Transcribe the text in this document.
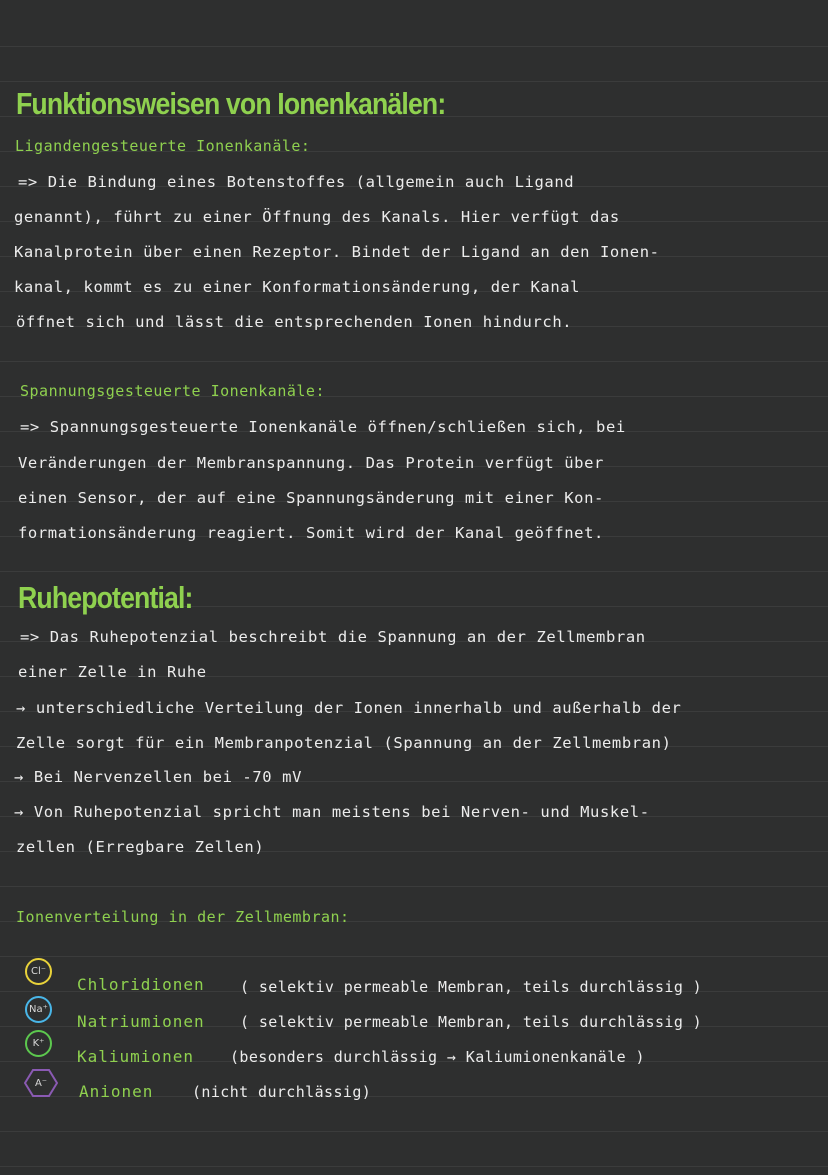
Funktionsweisen von Ionenkanälen:
Ligandengesteuerte Ionenkanäle:
=> Die Bindung eines Botenstoffes (allgemein auch Ligand
genannt), führt zu einer Öffnung des Kanals. Hier verfügt das
Kanalprotein über einen Rezeptor. Bindet der Ligand an den Ionen-
kanal, kommt es zu einer Konformationsänderung, der Kanal
öffnet sich und lässt die entsprechenden Ionen hindurch.
Spannungsgesteuerte Ionenkanäle:
=> Spannungsgesteuerte Ionenkanäle öffnen/schließen sich, bei
Veränderungen der Membranspannung. Das Protein verfügt über
einen Sensor, der auf eine Spannungsänderung mit einer Kon-
formationsänderung reagiert. Somit wird der Kanal geöffnet.
Ruhepotential:
=> Das Ruhepotenzial beschreibt die Spannung an der Zellmembran
einer Zelle in Ruhe
→ unterschiedliche Verteilung der Ionen innerhalb und außerhalb der
Zelle sorgt für ein Membranpotenzial (Spannung an der Zellmembran)
→ Bei Nervenzellen bei -70 mV
→ Von Ruhepotenzial spricht man meistens bei Nerven- und Muskel-
zellen (Erregbare Zellen)
Ionenverteilung in der Zellmembran:
Cl⁻
Na⁺
K⁺
A⁻
Chloridionen ( selektiv permeable Membran, teils durchlässig )
Natriumionen ( selektiv permeable Membran, teils durchlässig )
Kaliumionen (besonders durchlässig → Kaliumionenkanäle )
Anionen	(nicht durchlässig)
